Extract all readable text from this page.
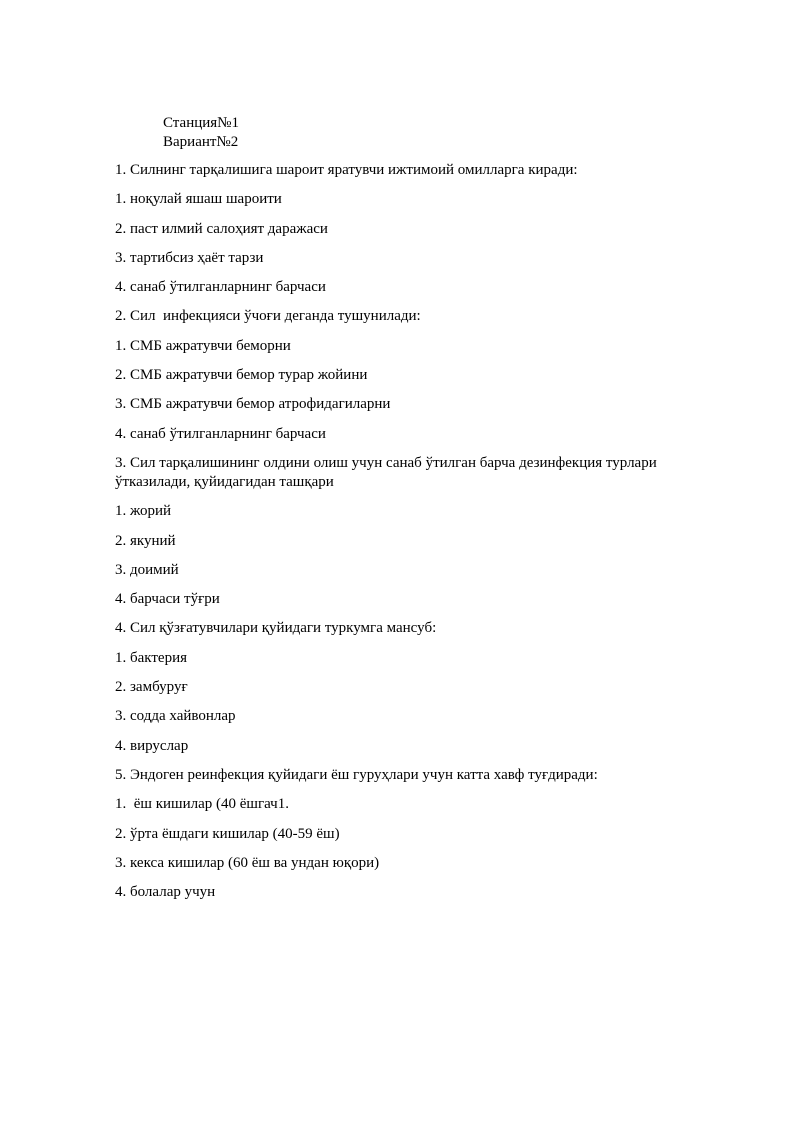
Станция№1
Вариант№2
1. Силнинг тарқалишига шароит яратувчи ижтимоий омилларга киради:
1. ноқулай яшаш шароити
2. паст илмий салоҳият даражаси
3. тартибсиз ҳаёт тарзи
4. санаб ўтилганларнинг барчаси
2. Сил  инфекцияси ўчоғи деганда тушунилади:
1. СМБ ажратувчи беморни
2. СМБ ажратувчи бемор турар жойини
3. СМБ ажратувчи бемор атрофидагиларни
4. санаб ўтилганларнинг барчаси
3. Сил тарқалишининг олдини олиш учун санаб ўтилган барча дезинфекция турлари ўтказилади, қуйидагидан ташқари
1. жорий
2. якуний
3. доимий
4. барчаси тўғри
4. Сил қўзғатувчилари қуйидаги туркумга мансуб:
1. бактерия
2. замбуруғ
3. содда хайвонлар
4. вируслар
5. Эндоген реинфекция қуйидаги ёш гуруҳлари учун катта хавф туғдиради:
1.  ёш кишилар (40 ёшгач1.
2. ўрта ёшдаги кишилар (40-59 ёш)
3. кекса кишилар (60 ёш ва ундан юқори)
4. болалар учун
